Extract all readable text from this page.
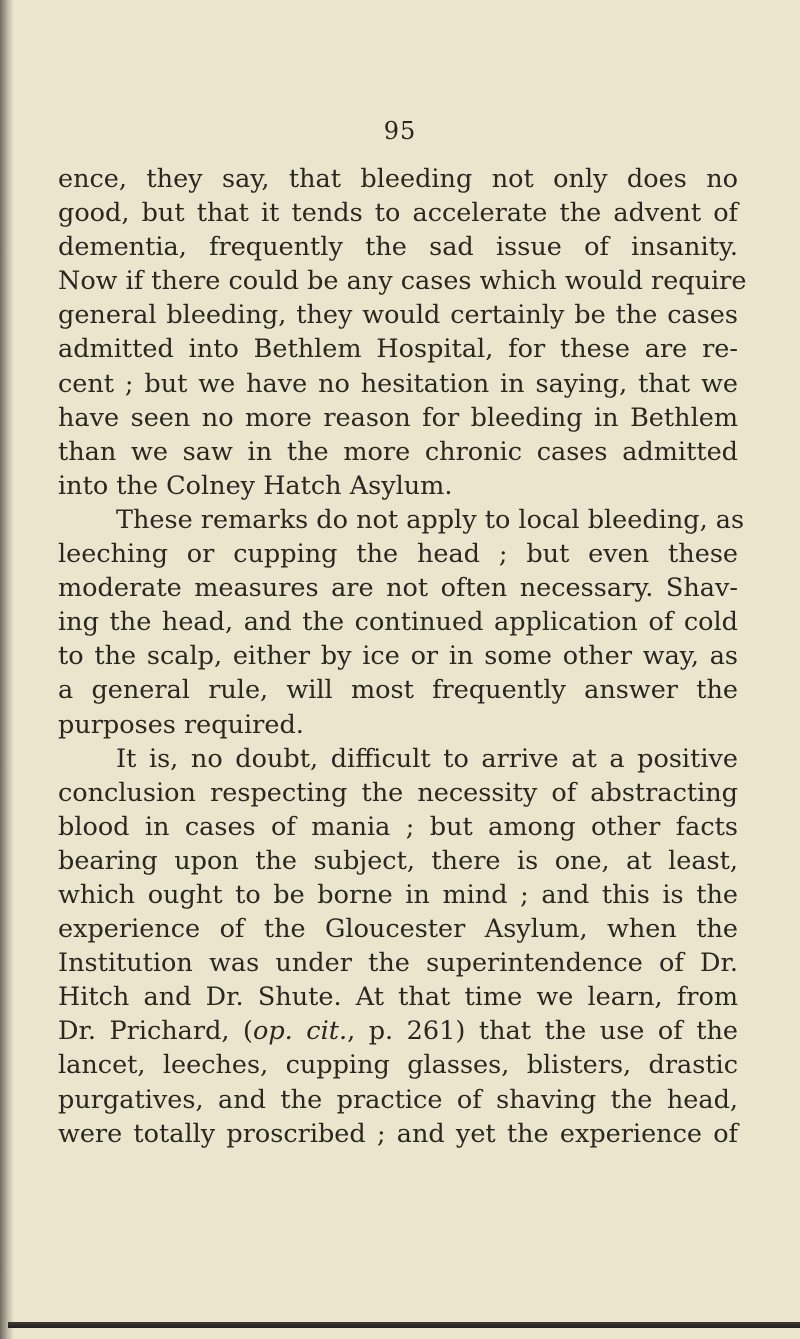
95
ence, they say, that bleeding not only does no
good, but that it tends to accelerate the advent of
dementia, frequently the sad issue of insanity.
Now if there could be any cases which would require
general bleeding, they would certainly be the cases
admitted into Bethlem Hospital, for these are re-
cent ; but we have no hesitation in saying, that we
have seen no more reason for bleeding in Bethlem
than we saw in the more chronic cases admitted
into the Colney Hatch Asylum.
These remarks do not apply to local bleeding, as
leeching or cupping the head ; but even these
moderate measures are not often necessary. Shav-
ing the head, and the continued application of cold
to the scalp, either by ice or in some other way, as
a general rule, will most frequently answer the
purposes required.
It is, no doubt, difficult to arrive at a positive
conclusion respecting the necessity of abstracting
blood in cases of mania ; but among other facts
bearing upon the subject, there is one, at least,
which ought to be borne in mind ; and this is the
experience of the Gloucester Asylum, when the
Institution was under the superintendence of Dr.
Hitch and Dr. Shute. At that time we learn, from
Dr. Prichard, (op. cit., p. 261) that the use of the
lancet, leeches, cupping glasses, blisters, drastic
purgatives, and the practice of shaving the head,
were totally proscribed ; and yet the experience of
